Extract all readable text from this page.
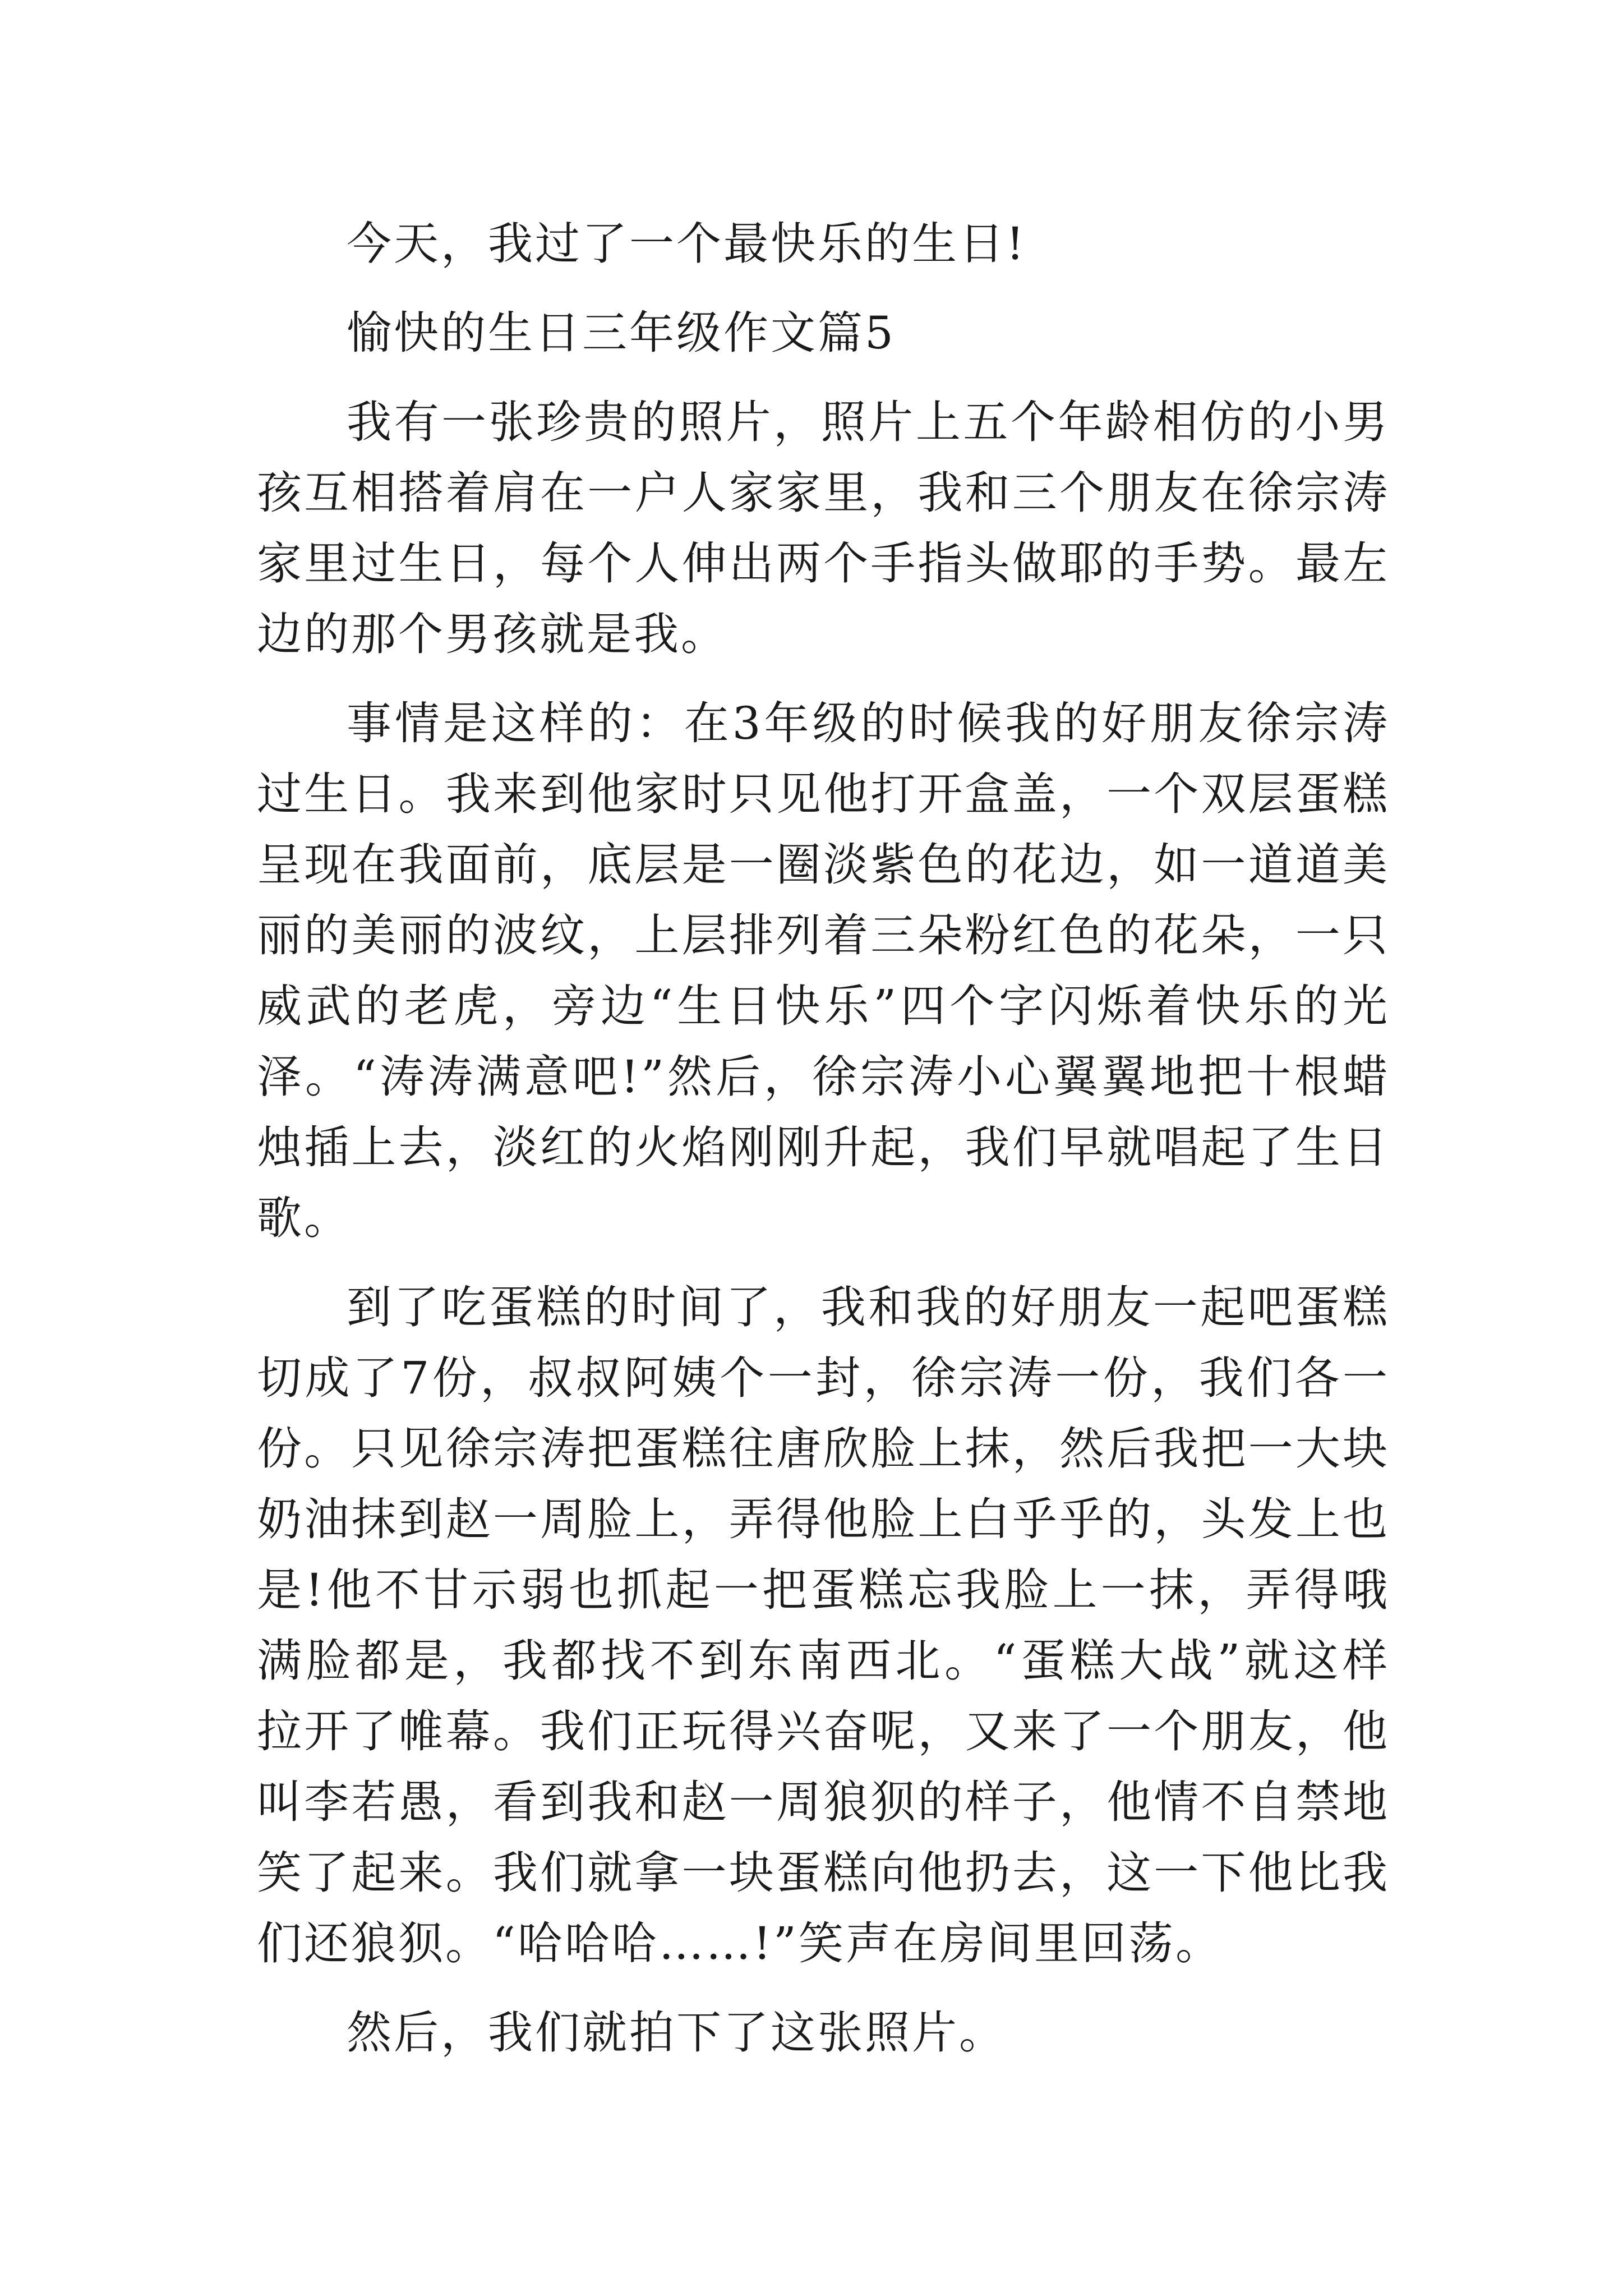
今天，我过了一个最快乐的生日!

愉快的生日三年级作文篇5

我有一张珍贵的照片，照片上五个年龄相仿的小男孩互相搭着肩在一户人家家里，我和三个朋友在徐宗涛家里过生日，每个人伸出两个手指头做耶的手势。最左边的那个男孩就是我。

事情是这样的：在3年级的时候我的好朋友徐宗涛过生日。我来到他家时只见他打开盒盖，一个双层蛋糕呈现在我面前，底层是一圈淡紫色的花边，如一道道美丽的美丽的波纹，上层排列着三朵粉红色的花朵，一只威武的老虎，旁边“生日快乐”四个字闪烁着快乐的光泽。“涛涛满意吧!”然后，徐宗涛小心翼翼地把十根蜡烛插上去，淡红的火焰刚刚升起，我们早就唱起了生日歌。

到了吃蛋糕的时间了，我和我的好朋友一起吧蛋糕切成了7份，叔叔阿姨个一封，徐宗涛一份，我们各一份。只见徐宗涛把蛋糕往唐欣脸上抹，然后我把一大块奶油抹到赵一周脸上，弄得他脸上白乎乎的，头发上也是!他不甘示弱也抓起一把蛋糕忘我脸上一抹，弄得哦满脸都是，我都找不到东南西北。“蛋糕大战”就这样拉开了帷幕。我们正玩得兴奋呢，又来了一个朋友，他叫李若愚，看到我和赵一周狼狈的样子，他情不自禁地笑了起来。我们就拿一块蛋糕向他扔去，这一下他比我们还狼狈。“哈哈哈……!”笑声在房间里回荡。

然后，我们就拍下了这张照片。
